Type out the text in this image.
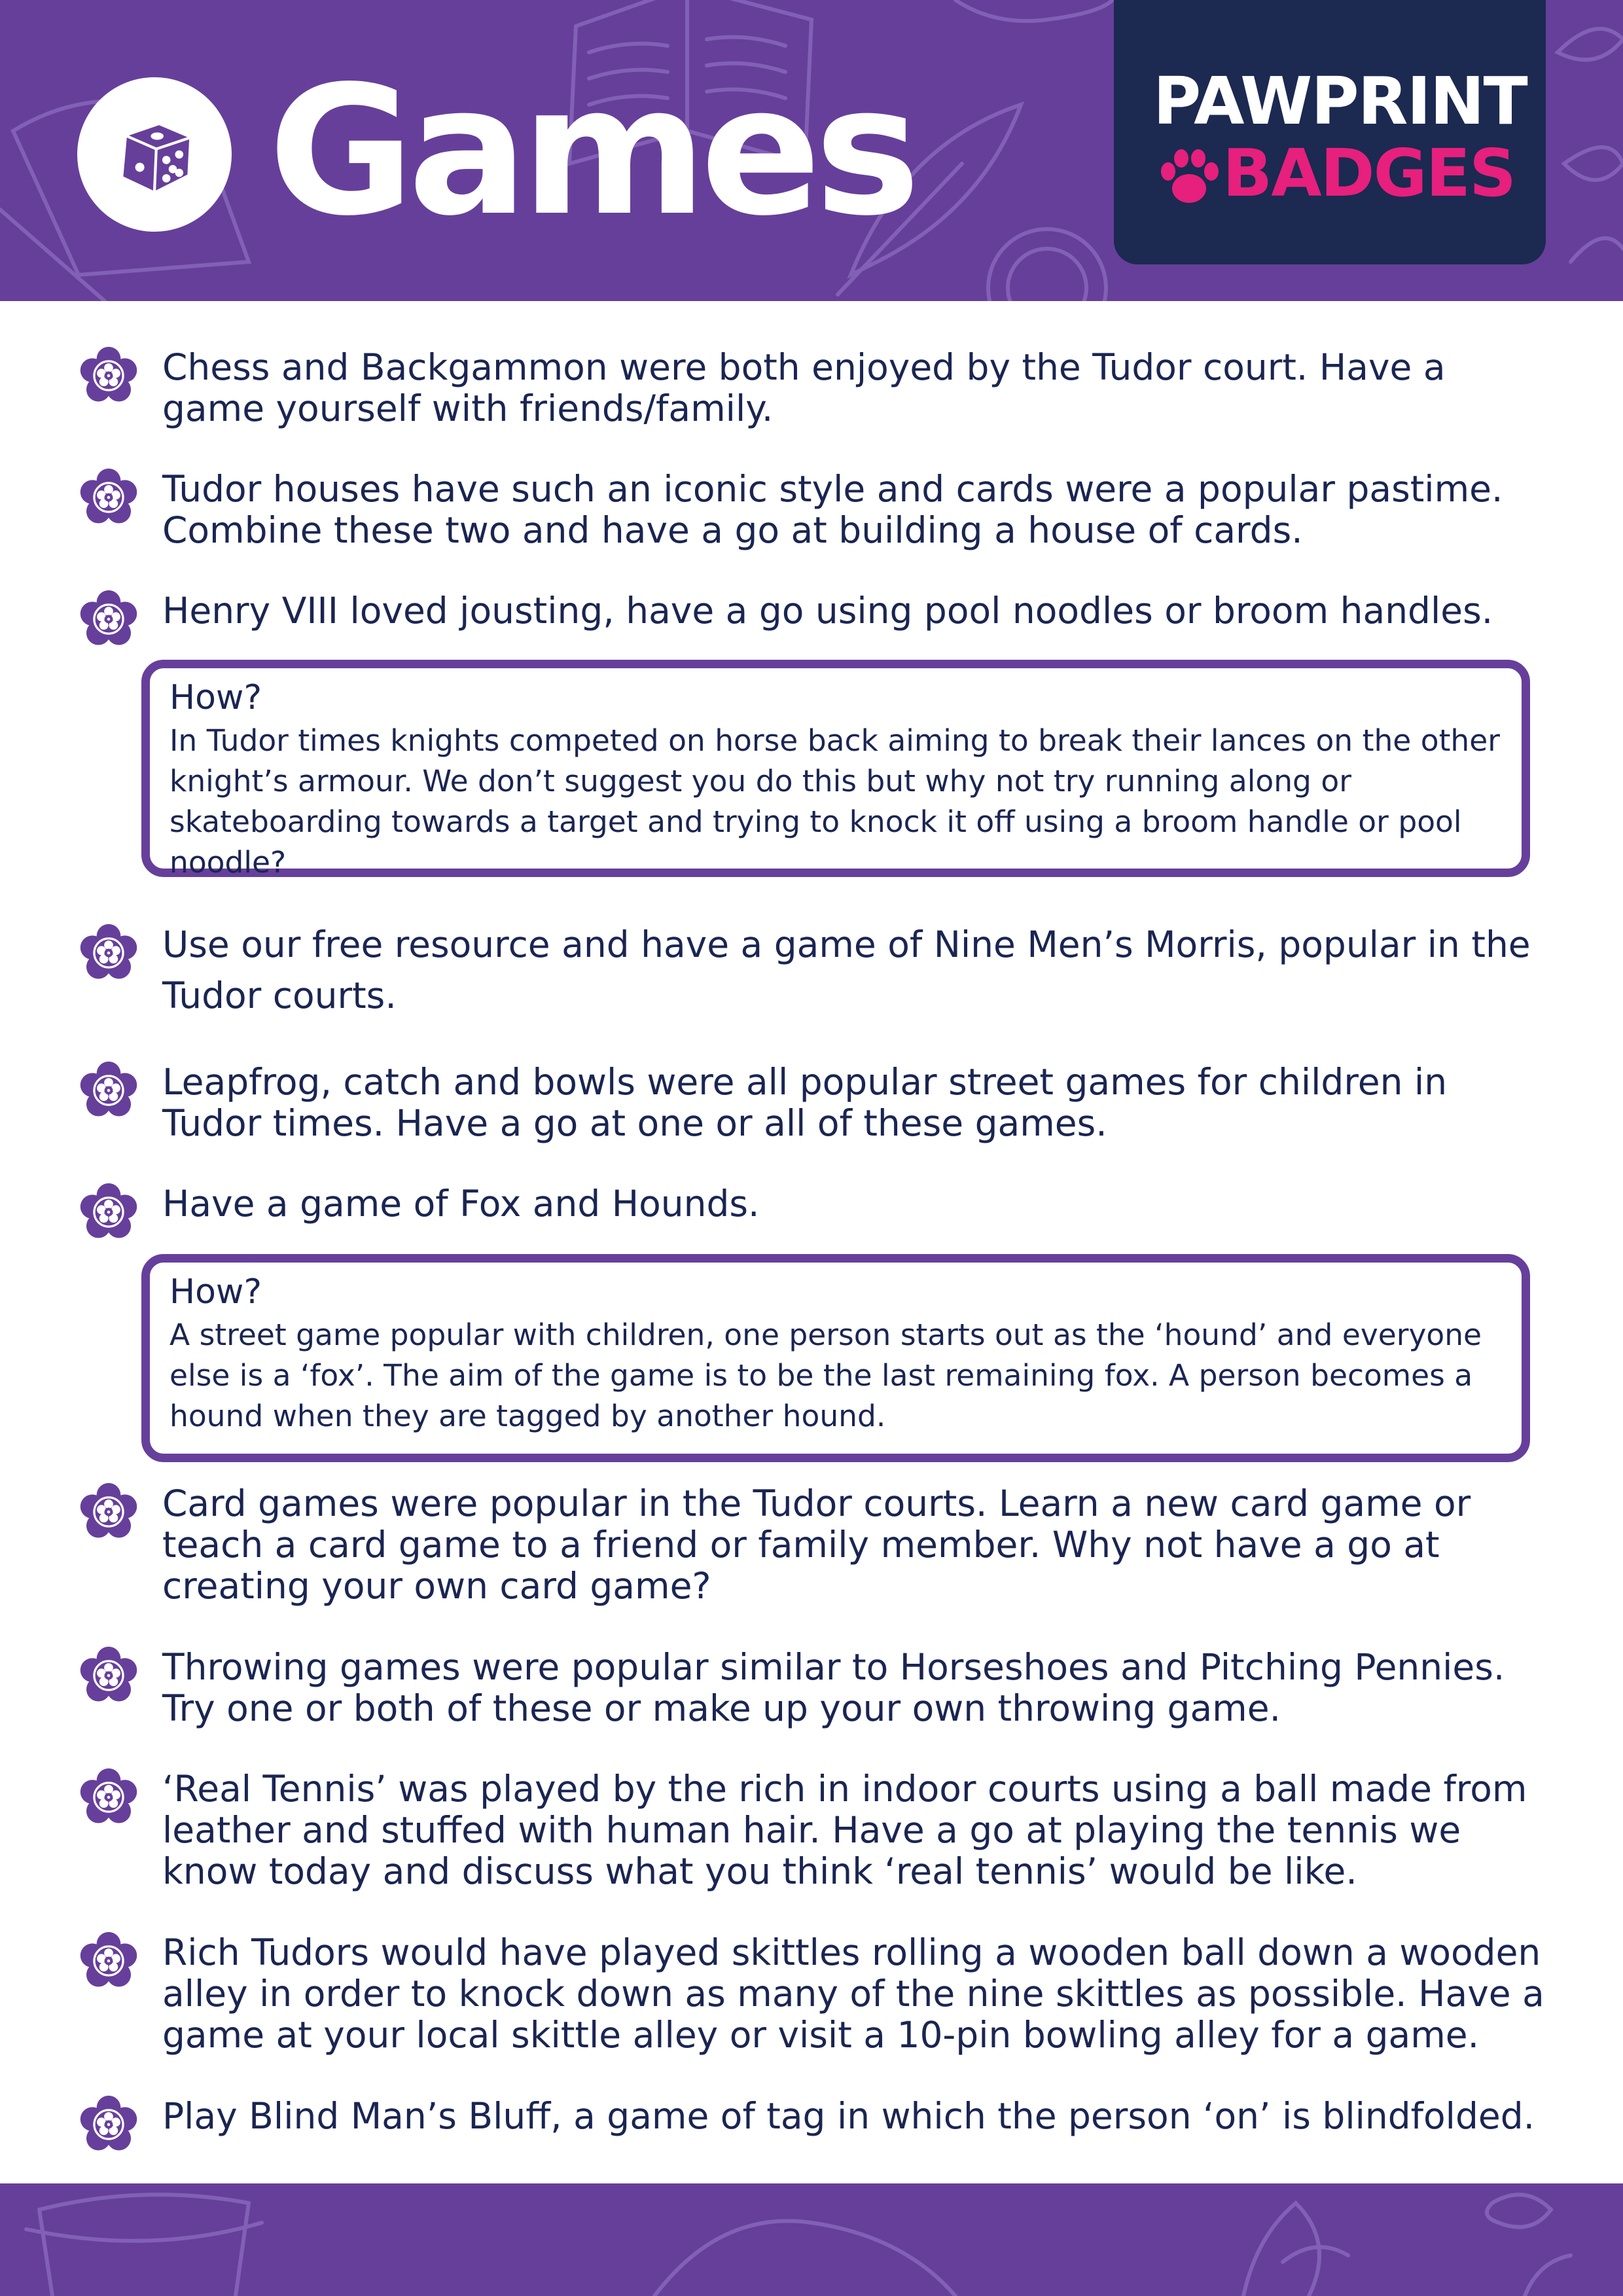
Games	PAWPRINT
BADGES
Chess and Backgammon were both enjoyed by the Tudor court. Have a game yourself with friends/family.
Tudor houses have such an iconic style and cards were a popular pastime. Combine these two and have a go at building a house of cards.
Henry VIII loved jousting, have a go using pool noodles or broom handles.
How?
In Tudor times knights competed on horse back aiming to break their lances on the other knight’s armour. We don’t suggest you do this but why not try running along or skateboarding towards a target and trying to knock it off using a broom handle or pool noodle?
Use our free resource and have a game of Nine Men’s Morris, popular in the Tudor courts.
Leapfrog, catch and bowls were all popular street games for children in Tudor times. Have a go at one or all of these games.
Have a game of Fox and Hounds.
How?
A street game popular with children, one person starts out as the ‘hound’ and everyone else is a ‘fox’. The aim of the game is to be the last remaining fox. A person becomes a hound when they are tagged by another hound.
Card games were popular in the Tudor courts. Learn a new card game or teach a card game to a friend or family member. Why not have a go at creating your own card game?
Throwing games were popular similar to Horseshoes and Pitching Pennies. Try one or both of these or make up your own throwing game.
‘Real Tennis’ was played by the rich in indoor courts using a ball made from leather and stuffed with human hair. Have a go at playing the tennis we know today and discuss what you think ‘real tennis’ would be like.
Rich Tudors would have played skittles rolling a wooden ball down a wooden alley in order to knock down as many of the nine skittles as possible. Have a game at your local skittle alley or visit a 10-pin bowling alley for a game.
Play Blind Man’s Bluff, a game of tag in which the person ‘on’ is blindfolded.
